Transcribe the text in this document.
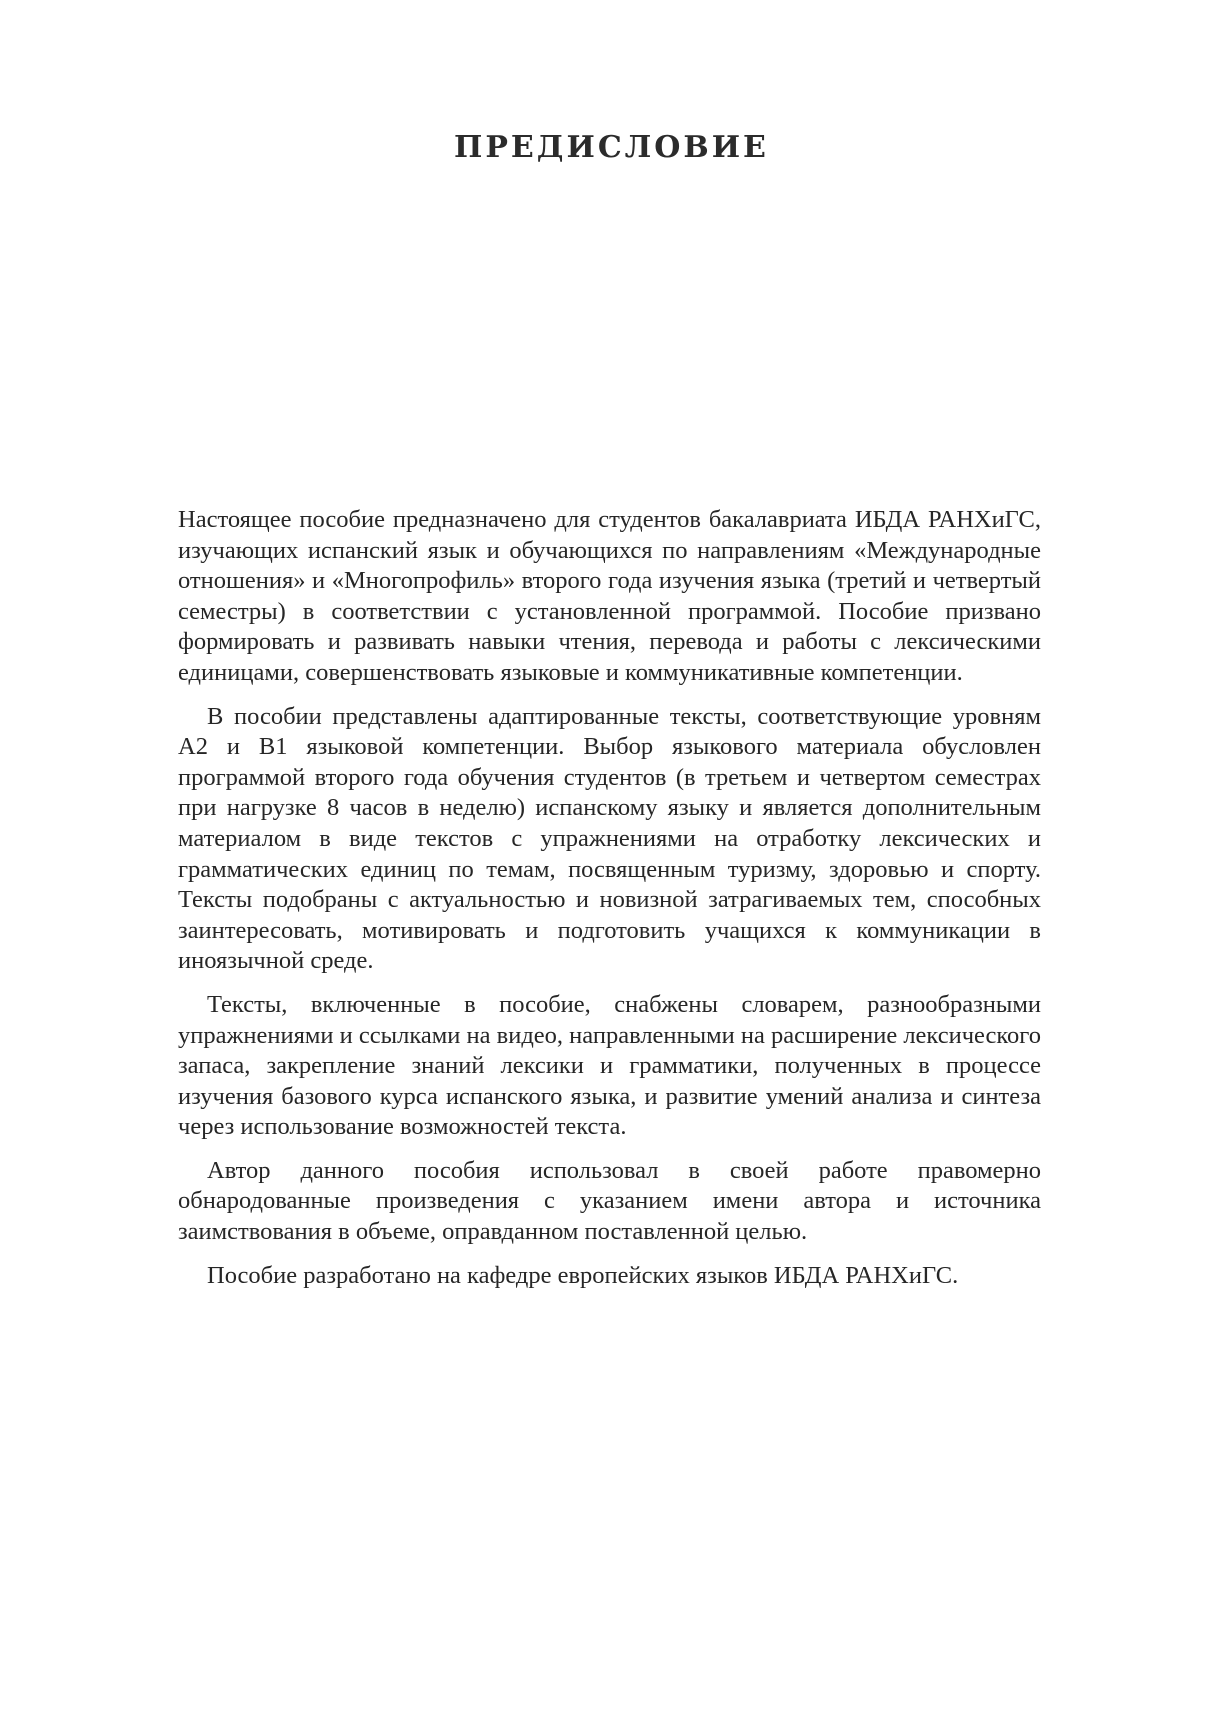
ПРЕДИСЛОВИЕ

Настоящее пособие предназначено для студентов бакалавриата ИБДА РАНХиГС, изучающих испанский язык и обучающихся по направлениям «Международные отношения» и «Многопрофиль» второго года изучения языка (третий и четвертый семестры) в соответствии с установленной программой. Пособие призвано формировать и развивать навыки чтения, перевода и работы с лексическими единицами, совершенствовать языковые и коммуникативные компетенции.

В пособии представлены адаптированные тексты, соответствующие уровням А2 и В1 языковой компетенции. Выбор языкового материала обусловлен программой второго года обучения студентов (в третьем и четвертом семестрах при нагрузке 8 часов в неделю) испанскому языку и является дополнительным материалом в виде текстов с упражнениями на отработку лексических и грамматических единиц по темам, посвященным туризму, здоровью и спорту. Тексты подобраны с актуальностью и новизной затрагиваемых тем, способных заинтересовать, мотивировать и подготовить учащихся к коммуникации в иноязычной среде.

Тексты, включенные в пособие, снабжены словарем, разнообразными упражнениями и ссылками на видео, направленными на расширение лексического запаса, закрепление знаний лексики и грамматики, полученных в процессе изучения базового курса испанского языка, и развитие умений анализа и синтеза через использование возможностей текста.

Автор данного пособия использовал в своей работе правомерно обнародованные произведения с указанием имени автора и источника заимствования в объеме, оправданном поставленной целью.

Пособие разработано на кафедре европейских языков ИБДА РАНХиГС.
